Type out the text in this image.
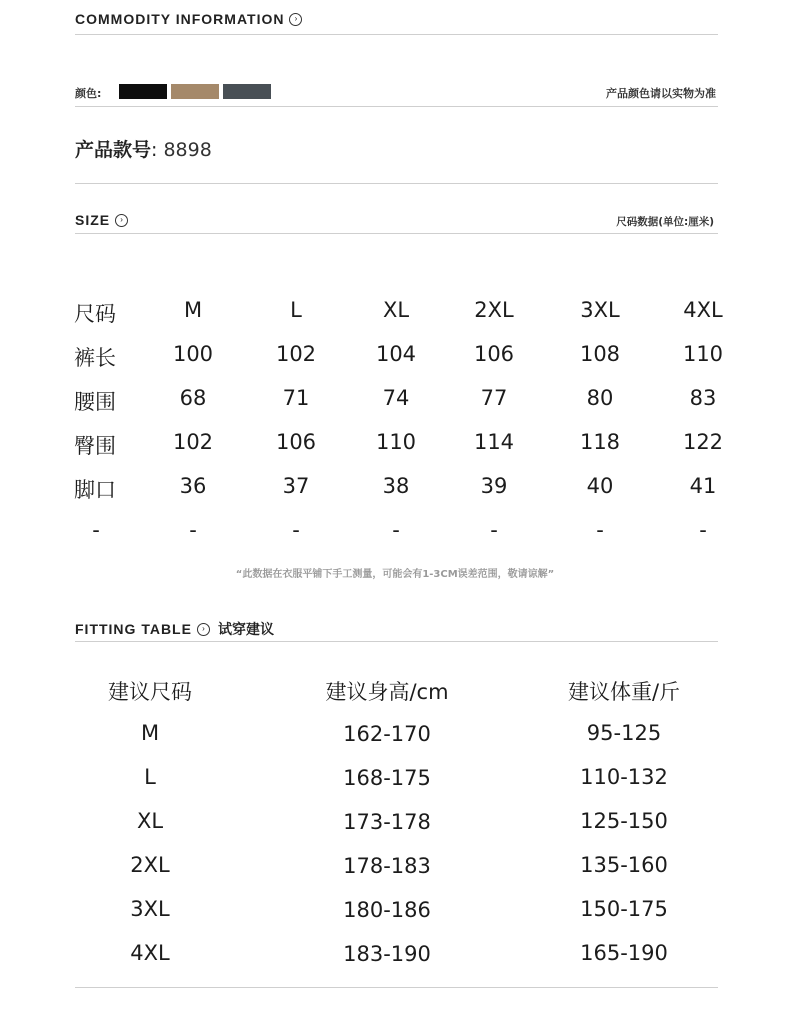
COMMODITY INFORMATION	›
颜色:	产品颜色请以实物为准
产品款号: 8898
SIZE	›	尺码数据(单位:厘米)
尺码	M	L	XL	2XL	3XL	4XL
裤长	100	102	104	106	108	110
腰围	68	71	74	77	80	83
臀围	102	106	110	114	118	122
脚口	36	37	38	39	40	41
-	-	-	-	-	-	-
“此数据在衣服平铺下手工测量，可能会有1-3CM误差范围，敬请谅解”
FITTING TABLE	› 试穿建议
建议尺码	建议身高/cm	建议体重/斤
M	162-170	95-125
L	168-175	110-132
XL	173-178	125-150
2XL	178-183	135-160
3XL	180-186	150-175
4XL	183-190	165-190
